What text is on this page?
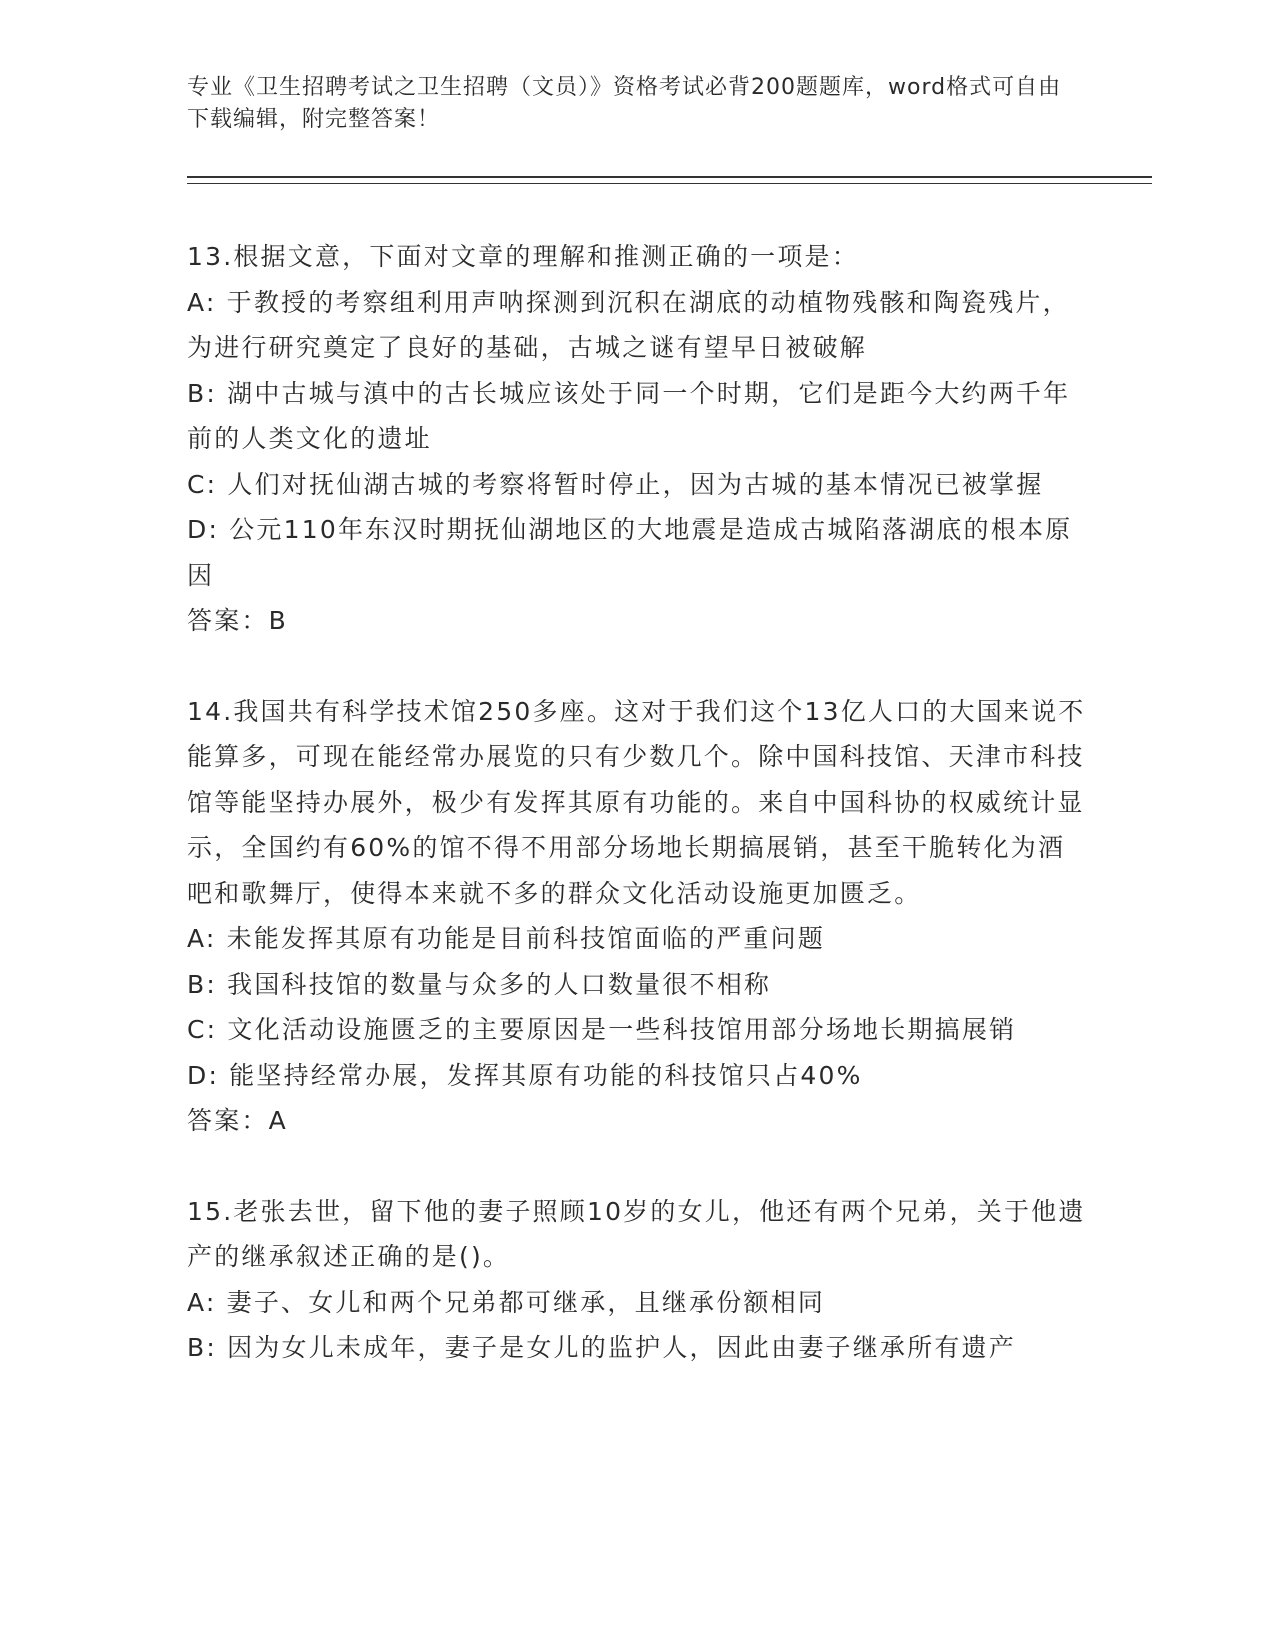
专业《卫生招聘考试之卫生招聘（文员）》资格考试必背200题题库，word格式可自由下载编辑，附完整答案！

13.根据文意，下面对文章的理解和推测正确的一项是：

A: 于教授的考察组利用声呐探测到沉积在湖底的动植物残骸和陶瓷残片，为进行研究奠定了良好的基础，古城之谜有望早日被破解

B: 湖中古城与滇中的古长城应该处于同一个时期，它们是距今大约两千年前的人类文化的遗址

C: 人们对抚仙湖古城的考察将暂时停止，因为古城的基本情况已被掌握

D: 公元110年东汉时期抚仙湖地区的大地震是造成古城陷落湖底的根本原因

答案：B

14.我国共有科学技术馆250多座。这对于我们这个13亿人口的大国来说不能算多，可现在能经常办展览的只有少数几个。除中国科技馆、天津市科技馆等能坚持办展外，极少有发挥其原有功能的。来自中国科协的权威统计显示，全国约有60%的馆不得不用部分场地长期搞展销，甚至干脆转化为酒吧和歌舞厅，使得本来就不多的群众文化活动设施更加匮乏。

A: 未能发挥其原有功能是目前科技馆面临的严重问题

B: 我国科技馆的数量与众多的人口数量很不相称

C: 文化活动设施匮乏的主要原因是一些科技馆用部分场地长期搞展销

D: 能坚持经常办展，发挥其原有功能的科技馆只占40%

答案：A

15.老张去世，留下他的妻子照顾10岁的女儿，他还有两个兄弟，关于他遗产的继承叙述正确的是()。

A: 妻子、女儿和两个兄弟都可继承，且继承份额相同

B: 因为女儿未成年，妻子是女儿的监护人，因此由妻子继承所有遗产
